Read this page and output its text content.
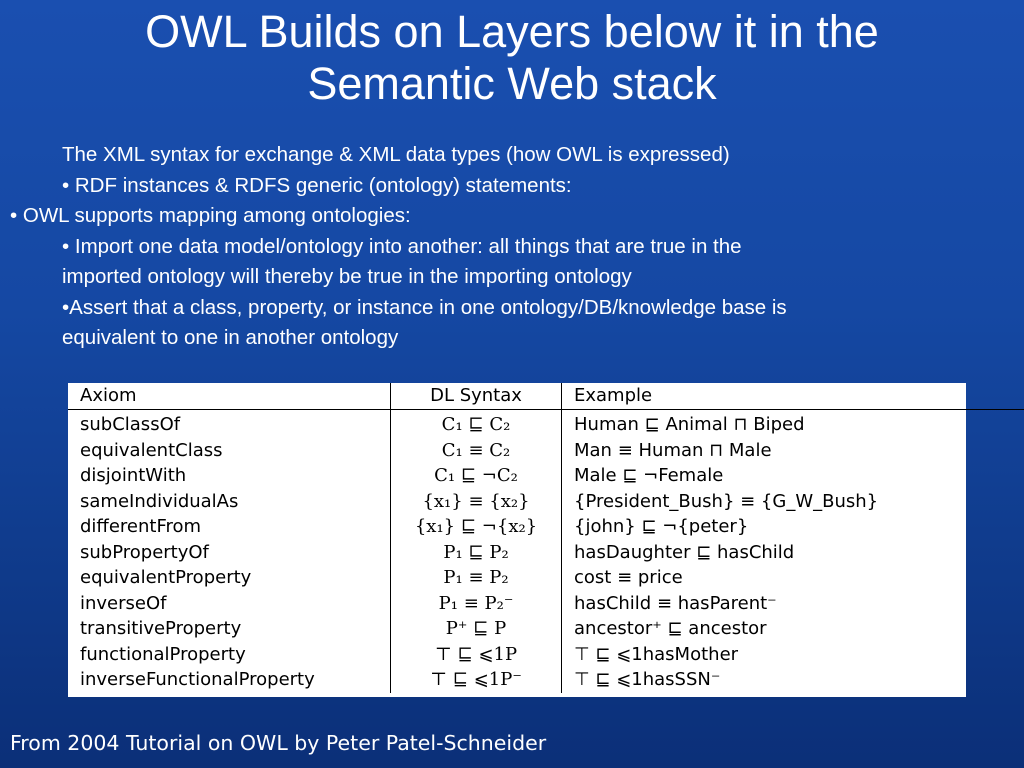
OWL Builds on Layers below it in the
Semantic Web stack
The XML syntax for exchange & XML data types (how OWL is expressed)
• RDF instances & RDFS generic (ontology) statements:
• OWL supports mapping among ontologies:
• Import one data model/ontology into another: all things that are true in the
imported ontology will thereby be true in the importing ontology
•Assert that a class, property, or instance in one ontology/DB/knowledge base is
equivalent to one in another ontology
Axiom	DL Syntax	Example
subClassOf	C₁ ⊑ C₂	Human ⊑ Animal ⊓ Biped
equivalentClass	C₁ ≡ C₂	Man ≡ Human ⊓ Male
disjointWith	C₁ ⊑ ¬C₂	Male ⊑ ¬Female
sameIndividualAs	{x₁} ≡ {x₂}	{President_Bush} ≡ {G_W_Bush}
differentFrom	{x₁} ⊑ ¬{x₂}	{john} ⊑ ¬{peter}
subPropertyOf	P₁ ⊑ P₂	hasDaughter ⊑ hasChild
equivalentProperty	P₁ ≡ P₂	cost ≡ price
inverseOf	P₁ ≡ P₂⁻	hasChild ≡ hasParent⁻
transitiveProperty	P⁺ ⊑ P	ancestor⁺ ⊑ ancestor
functionalProperty	⊤ ⊑ ⩽1P	⊤ ⊑ ⩽1hasMother
inverseFunctionalProperty	⊤ ⊑ ⩽1P⁻	⊤ ⊑ ⩽1hasSSN⁻
From 2004 Tutorial on OWL by Peter Patel-Schneider
